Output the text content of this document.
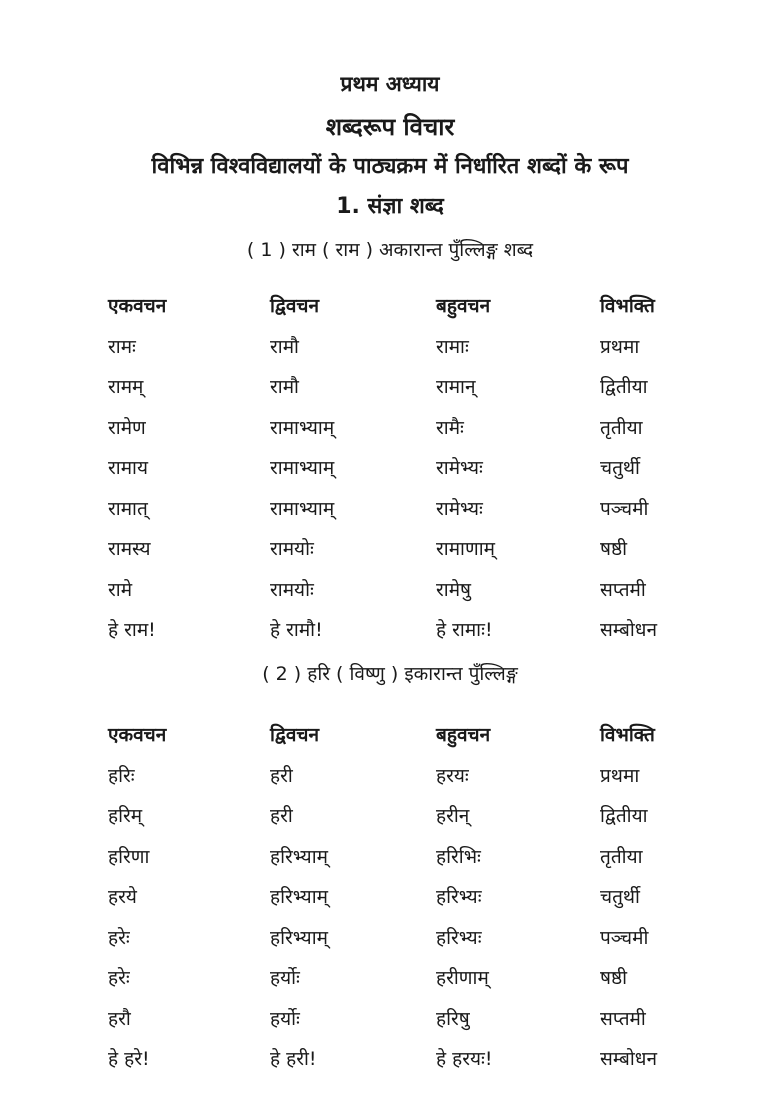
प्रथम अध्याय
शब्दरूप विचार
विभिन्न विश्वविद्यालयों के पाठ्यक्रम में निर्धारित शब्दों के रूप
1. संज्ञा शब्द
( 1 ) राम ( राम ) अकारान्त पुँल्लिङ्ग शब्द
एकवचन	द्विवचन	बहुवचन	विभक्ति
रामः	रामौ	रामाः	प्रथमा
रामम्	रामौ	रामान्	द्वितीया
रामेण	रामाभ्याम्	रामैः	तृतीया
रामाय	रामाभ्याम्	रामेभ्यः	चतुर्थी
रामात्	रामाभ्याम्	रामेभ्यः	पञ्चमी
रामस्य	रामयोः	रामाणाम्	षष्ठी
रामे	रामयोः	रामेषु	सप्तमी
हे राम!	हे रामौ!	हे रामाः!	सम्बोधन
( 2 ) हरि ( विष्णु ) इकारान्त पुँल्लिङ्ग
एकवचन	द्विवचन	बहुवचन	विभक्ति
हरिः	हरी	हरयः	प्रथमा
हरिम्	हरी	हरीन्	द्वितीया
हरिणा	हरिभ्याम्	हरिभिः	तृतीया
हरये	हरिभ्याम्	हरिभ्यः	चतुर्थी
हरेः	हरिभ्याम्	हरिभ्यः	पञ्चमी
हरेः	हर्योः	हरीणाम्	षष्ठी
हरौ	हर्योः	हरिषु	सप्तमी
हे हरे!	हे हरी!	हे हरयः!	सम्बोधन
